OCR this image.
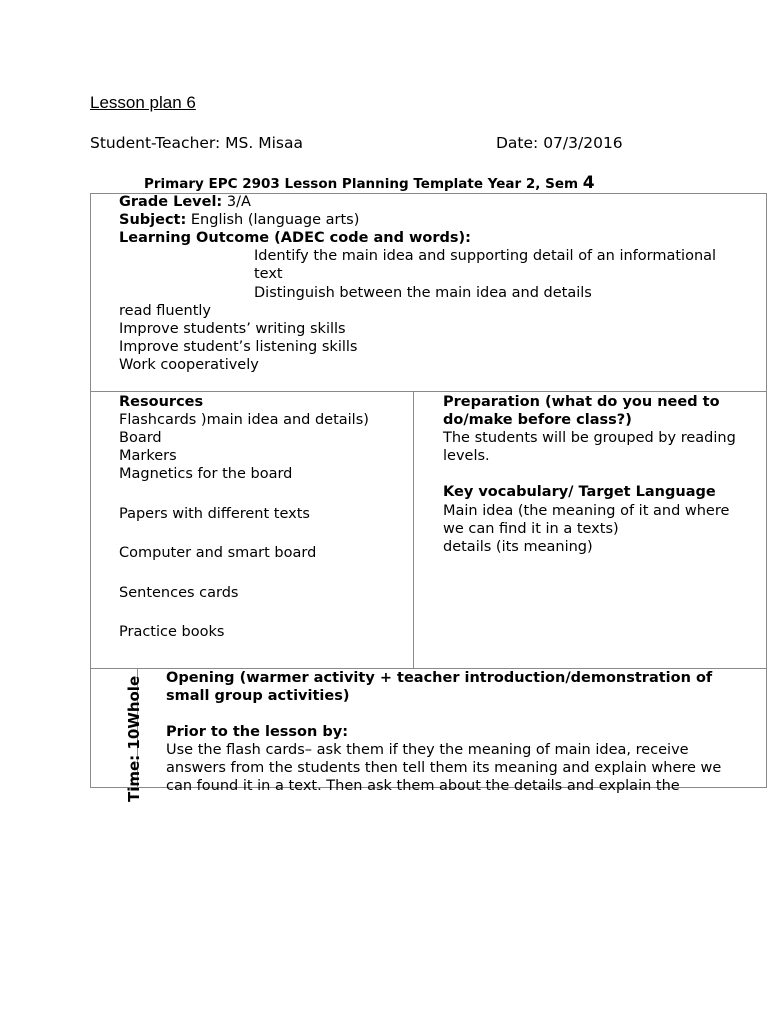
Lesson plan 6
Student-Teacher: MS. Misaa	Date: 07/3/2016
Primary EPC 2903 Lesson Planning Template Year 2, Sem 4
Grade Level: 3/A
Subject: English (language arts)
Learning Outcome (ADEC code and words):
Identify the main idea and supporting detail of an informational
text
Distinguish between the main idea and details
read fluently
Improve students’ writing skills
Improve student’s listening skills
Work cooperatively
Resources
Flashcards )main idea and details)
Board
Markers
Magnetics for the board
Papers with different texts
Computer and smart board
Sentences cards
Practice books
Preparation (what do you need to
do/make before class?)
The students will be grouped by reading
levels.
Key vocabulary/ Target Language
Main idea (the meaning of it and where
we can find it in a texts)
details (its meaning)
Time: 10Whole Opening (warmer activity + teacher introduction/demonstration of
small group activities)
Prior to the lesson by:
Use the flash cards– ask them if they the meaning of main idea, receive
answers from the students then tell them its meaning and explain where we
can found it in a text. Then ask them about the details and explain the
